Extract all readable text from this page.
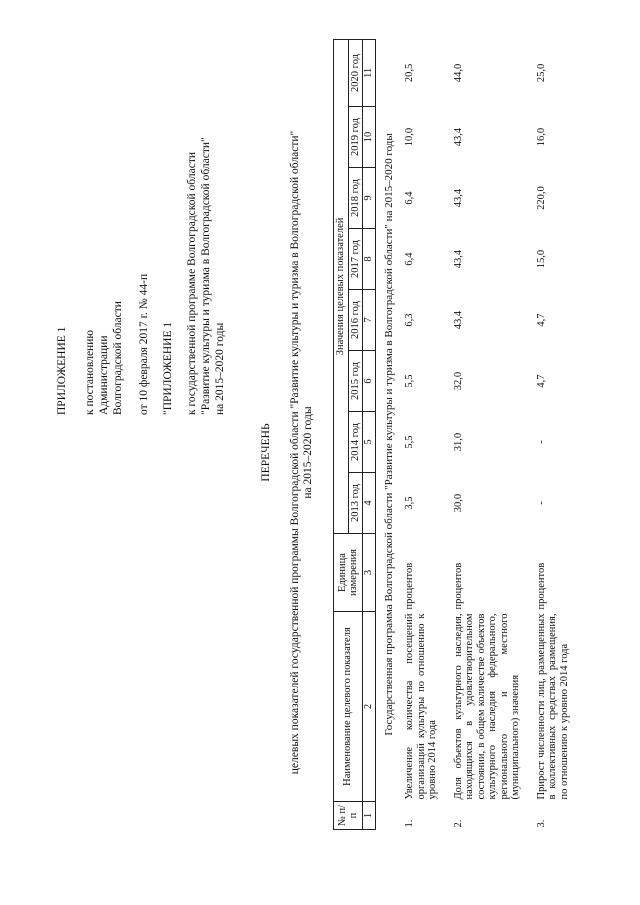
ПРИЛОЖЕНИЕ 1 к постановлению Администрации Волгоградской области от 10 февраля 2017 г. № 44-п "ПРИЛОЖЕНИЕ 1 к государственной программе Волгоградской области "Развитие культуры и туризма в Волгоградской области" на 2015–2020 годы
ПЕРЕЧЕНЬ целевых показателей государственной программы Волгоградской области "Развитие культуры и туризма в Волгоградской области" на 2015–2020 годы
№ п/п	Наименование целевого показателя	Единица измерения	Значения целевых показателей							
			2013 год	2014 год	2015 год	2016 год	2017 год	2018 год	2019 год	2020 год
1	2	3	4	5	6	7	8	9	10	11
Государственная программа Волгоградской области "Развитие культуры и туризма в Волгоградской области" на 2015–2020 годы										
1.	Увеличение количества посещений организаций культуры по отношению к уровню 2014 года	процентов	3,5	5,5	5,5	6,3	6,4	6,4	10,0	20,5

2.	Доля объектов культурного наследия, находящихся в удовлетворительном состоянии, в общем количестве объектов культурного наследия федерального, регионального и местного (муниципального) значения	процентов	30,0	31,0	32,0	43,4	43,4	43,4	43,4	44,0

3.	Прирост численности лиц, размещенных в коллективных средствах размещения, по отношению к уровню 2014 года	процентов	-	-	4,7	4,7	15,0	220,0	16,0	25,0
